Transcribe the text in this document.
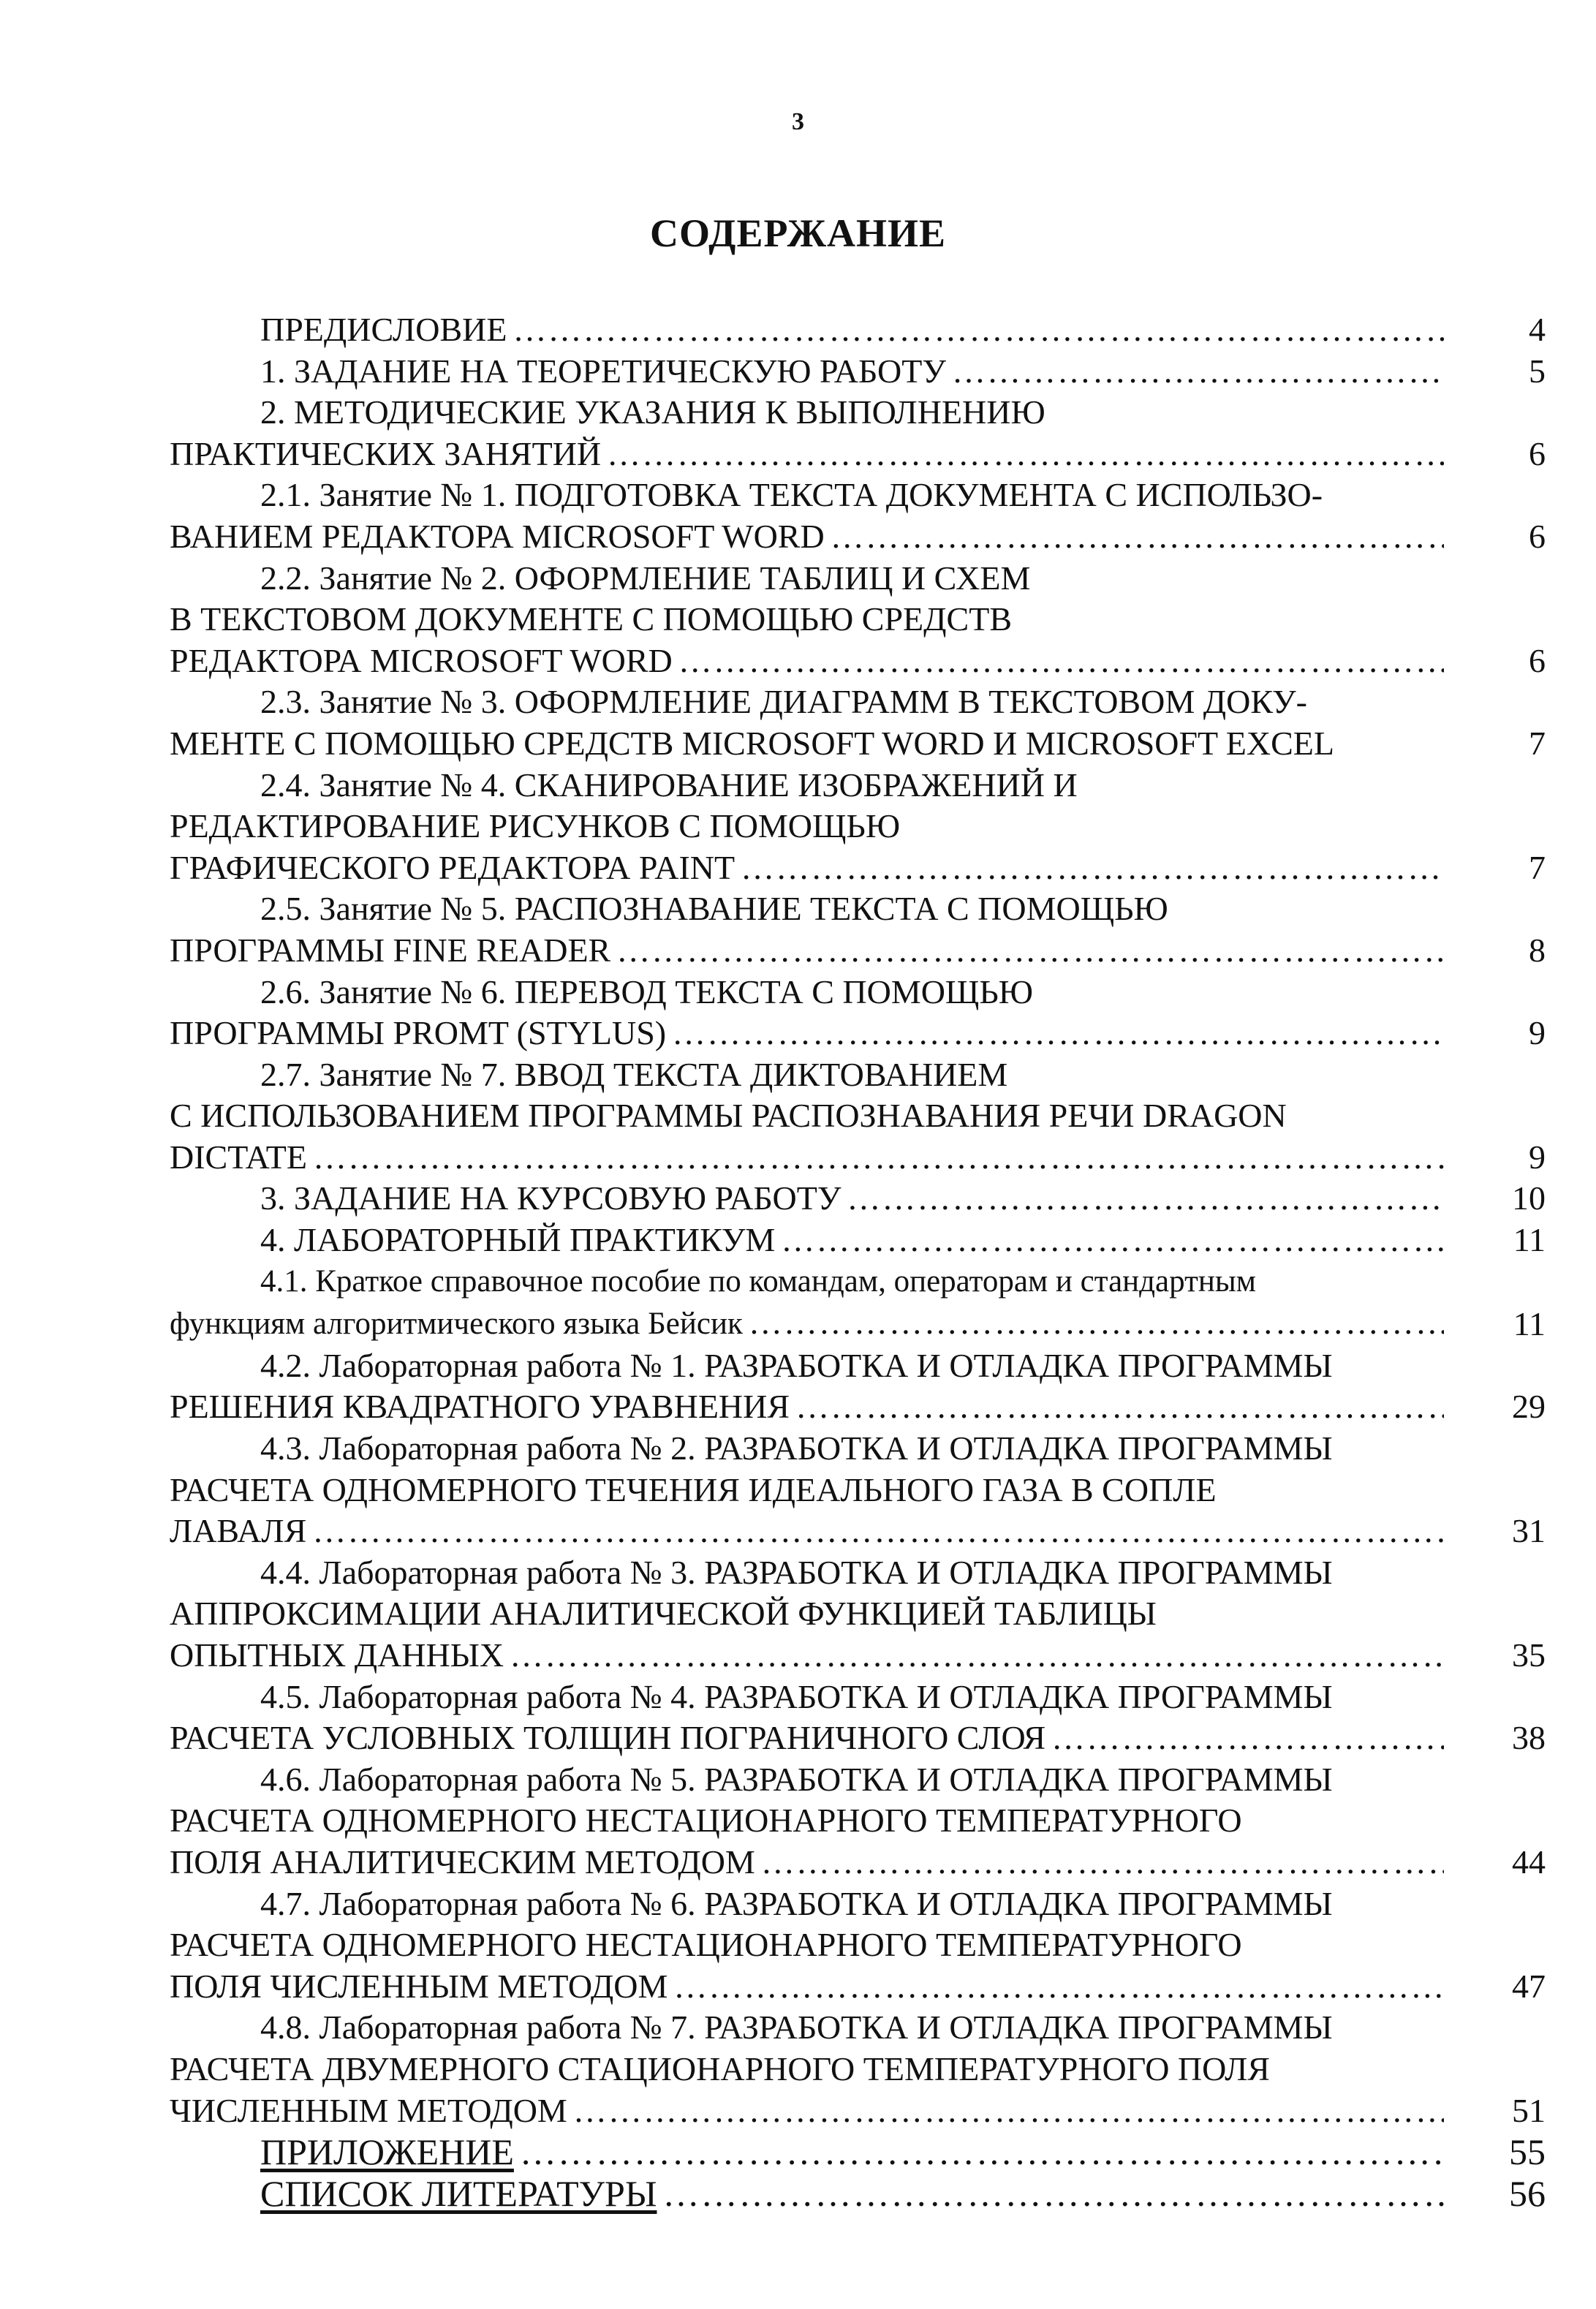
3
СОДЕРЖАНИЕ
ПРЕДИСЛОВИЕ ……………………………………………………………………………………………………………………………………………………………………………………………………………………………………	4
1. ЗАДАНИЕ НА ТЕОРЕТИЧЕСКУЮ РАБОТУ ……………………………………………………………………………………………………………………………………………………………………………………………………………………………………	5
2. МЕТОДИЧЕСКИЕ УКАЗАНИЯ К ВЫПОЛНЕНИЮ
ПРАКТИЧЕСКИХ ЗАНЯТИЙ ……………………………………………………………………………………………………………………………………………………………………………………………………………………………………	6
2.1. Занятие № 1. ПОДГОТОВКА ТЕКСТА ДОКУМЕНТА С ИСПОЛЬЗО-
ВАНИЕМ РЕДАКТОРА MICROSOFT WORD ……………………………………………………………………………………………………………………………………………………………………………………………………………………………………	6
2.2. Занятие № 2. ОФОРМЛЕНИЕ ТАБЛИЦ И СХЕМ
В ТЕКСТОВОМ ДОКУМЕНТЕ С ПОМОЩЬЮ СРЕДСТВ
РЕДАКТОРА MICROSOFT WORD ……………………………………………………………………………………………………………………………………………………………………………………………………………………………………	6
2.3. Занятие № 3. ОФОРМЛЕНИЕ ДИАГРАММ В ТЕКСТОВОМ ДОКУ-
МЕНТЕ С ПОМОЩЬЮ СРЕДСТВ MICROSOFT WORD И MICROSOFT EXCEL	7
2.4. Занятие № 4. СКАНИРОВАНИЕ ИЗОБРАЖЕНИЙ И
РЕДАКТИРОВАНИЕ РИСУНКОВ С ПОМОЩЬЮ
ГРАФИЧЕСКОГО РЕДАКТОРА PAINT ……………………………………………………………………………………………………………………………………………………………………………………………………………………………………	7
2.5. Занятие № 5. РАСПОЗНАВАНИЕ ТЕКСТА С ПОМОЩЬЮ
ПРОГРАММЫ FINE READER ……………………………………………………………………………………………………………………………………………………………………………………………………………………………………	8
2.6. Занятие № 6. ПЕРЕВОД ТЕКСТА С ПОМОЩЬЮ
ПРОГРАММЫ PROMT (STYLUS) ……………………………………………………………………………………………………………………………………………………………………………………………………………………………………	9
2.7. Занятие № 7. ВВОД ТЕКСТА ДИКТОВАНИЕМ
С ИСПОЛЬЗОВАНИЕМ ПРОГРАММЫ РАСПОЗНАВАНИЯ РЕЧИ DRAGON
DICTATE ……………………………………………………………………………………………………………………………………………………………………………………………………………………………………	9
3. ЗАДАНИЕ НА КУРСОВУЮ РАБОТУ ……………………………………………………………………………………………………………………………………………………………………………………………………………………………………	10
4. ЛАБОРАТОРНЫЙ ПРАКТИКУМ ……………………………………………………………………………………………………………………………………………………………………………………………………………………………………	11
4.1. Краткое справочное пособие по командам, операторам и стандартным
функциям алгоритмического языка Бейсик ……………………………………………………………………………………………………………………………………………………………………………………………………………………………………	11
4.2. Лабораторная работа № 1. РАЗРАБОТКА И ОТЛАДКА ПРОГРАММЫ
РЕШЕНИЯ КВАДРАТНОГО УРАВНЕНИЯ ……………………………………………………………………………………………………………………………………………………………………………………………………………………………………	29
4.3. Лабораторная работа № 2. РАЗРАБОТКА И ОТЛАДКА ПРОГРАММЫ
РАСЧЕТА ОДНОМЕРНОГО ТЕЧЕНИЯ ИДЕАЛЬНОГО ГАЗА В СОПЛЕ
ЛАВАЛЯ ……………………………………………………………………………………………………………………………………………………………………………………………………………………………………	31
4.4. Лабораторная работа № 3. РАЗРАБОТКА И ОТЛАДКА ПРОГРАММЫ
АППРОКСИМАЦИИ АНАЛИТИЧЕСКОЙ ФУНКЦИЕЙ ТАБЛИЦЫ
ОПЫТНЫХ ДАННЫХ ……………………………………………………………………………………………………………………………………………………………………………………………………………………………………	35
4.5. Лабораторная работа № 4. РАЗРАБОТКА И ОТЛАДКА ПРОГРАММЫ
РАСЧЕТА УСЛОВНЫХ ТОЛЩИН ПОГРАНИЧНОГО СЛОЯ ……………………………………………………………………………………………………………………………………………………………………………………………………………………………………	38
4.6. Лабораторная работа № 5. РАЗРАБОТКА И ОТЛАДКА ПРОГРАММЫ
РАСЧЕТА ОДНОМЕРНОГО НЕСТАЦИОНАРНОГО ТЕМПЕРАТУРНОГО
ПОЛЯ АНАЛИТИЧЕСКИМ МЕТОДОМ ……………………………………………………………………………………………………………………………………………………………………………………………………………………………………	44
4.7. Лабораторная работа № 6. РАЗРАБОТКА И ОТЛАДКА ПРОГРАММЫ
РАСЧЕТА ОДНОМЕРНОГО НЕСТАЦИОНАРНОГО ТЕМПЕРАТУРНОГО
ПОЛЯ ЧИСЛЕННЫМ МЕТОДОМ ……………………………………………………………………………………………………………………………………………………………………………………………………………………………………	47
4.8. Лабораторная работа № 7. РАЗРАБОТКА И ОТЛАДКА ПРОГРАММЫ
РАСЧЕТА ДВУМЕРНОГО СТАЦИОНАРНОГО ТЕМПЕРАТУРНОГО ПОЛЯ
ЧИСЛЕННЫМ МЕТОДОМ ……………………………………………………………………………………………………………………………………………………………………………………………………………………………………	51
ПРИЛОЖЕНИЕ ……………………………………………………………………………………………………………………………………………………………………………………………………………………………………	55
СПИСОК ЛИТЕРАТУРЫ ……………………………………………………………………………………………………………………………………………………………………………………………………………………………………	56
